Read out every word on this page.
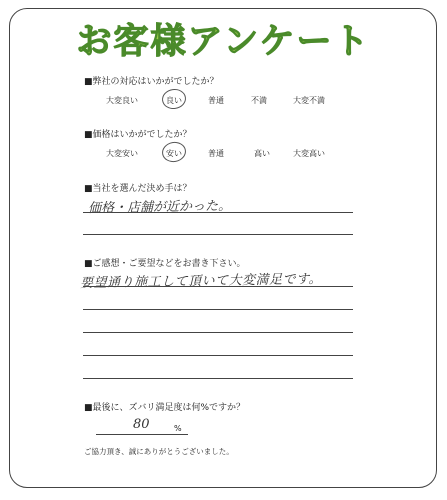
お客様アンケート
■弊社の対応はいかがでしたか？
大変良い	良い	普通	不満	大変不満
■価格はいかがでしたか？
大変安い	安い	普通	高い	大変高い
■当社を選んだ決め手は？
価格・店舗が近かった。
■ご感想・ご要望などをお書き下さい。
要望通り施工して頂いて大変満足です。
■最後に、ズバリ満足度は何%ですか？
80	%
ご協力頂き、誠にありがとうございました。
